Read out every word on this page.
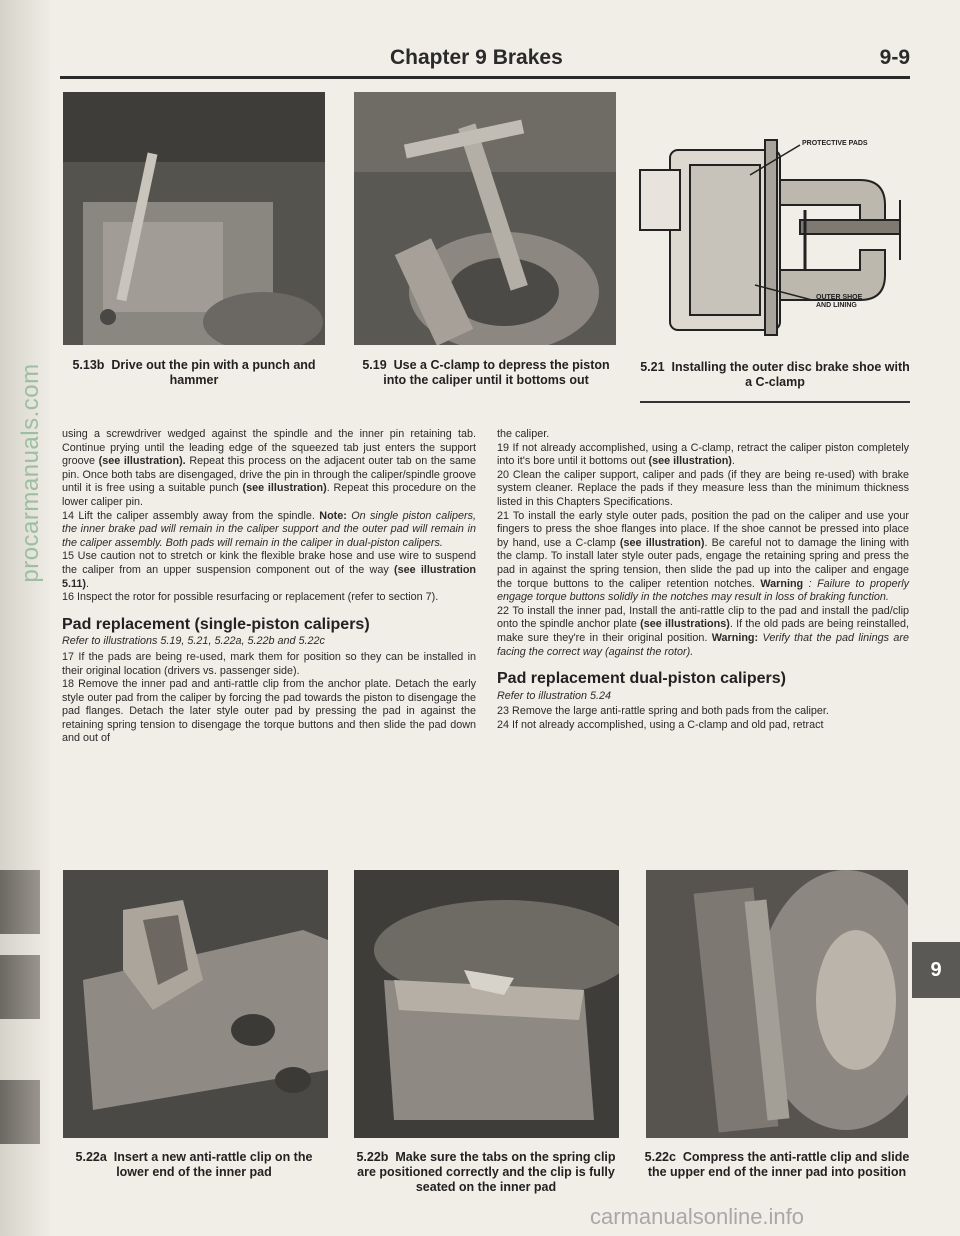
procarmanuals.com
Chapter 9 Brakes	9-9
PROTECTIVE PADS
OUTER SHOE
AND LINING
5.13b Drive out the pin with a punch and hammer
5.19 Use a C-clamp to depress the piston into the caliper until it bottoms out
5.21 Installing the outer disc brake shoe with a C-clamp

using a screwdriver wedged against the spindle and the inner pin retaining tab. Continue prying until the leading edge of the squeezed tab just enters the support groove (see illustration). Repeat this process on the adjacent outer tab on the same pin. Once both tabs are disengaged, drive the pin in through the caliper/spindle groove until it is free using a suitable punch (see illustration). Repeat this procedure on the lower caliper pin.

14 Lift the caliper assembly away from the spindle. Note: On single piston calipers, the inner brake pad will remain in the caliper support and the outer pad will remain in the caliper assembly. Both pads will remain in the caliper in dual-piston calipers.

15 Use caution not to stretch or kink the flexible brake hose and use wire to suspend the caliper from an upper suspension component out of the way (see illustration 5.11).

16 Inspect the rotor for possible resurfacing or replacement (refer to section 7).

Pad replacement (single-piston calipers)

Refer to illustrations 5.19, 5.21, 5.22a, 5.22b and 5.22c

17 If the pads are being re-used, mark them for position so they can be installed in their original location (drivers vs. passenger side).

18 Remove the inner pad and anti-rattle clip from the anchor plate. Detach the early style outer pad from the caliper by forcing the pad towards the piston to disengage the pad flanges. Detach the later style outer pad by pressing the pad in against the retaining spring tension to disengage the torque buttons and then slide the pad down and out of

the caliper.

19 If not already accomplished, using a C-clamp, retract the caliper piston completely into it's bore until it bottoms out (see illustration).

20 Clean the caliper support, caliper and pads (if they are being re-used) with brake system cleaner. Replace the pads if they measure less than the minimum thickness listed in this Chapters Specifications.

21 To install the early style outer pads, position the pad on the caliper and use your fingers to press the shoe flanges into place. If the shoe cannot be pressed into place by hand, use a C-clamp (see illustration). Be careful not to damage the lining with the clamp. To install later style outer pads, engage the retaining spring and press the pad in against the spring tension, then slide the pad up into the caliper and engage the torque buttons to the caliper retention notches. Warning : Failure to properly engage torque buttons solidly in the notches may result in loss of braking function.

22 To install the inner pad, Install the anti-rattle clip to the pad and install the pad/clip onto the spindle anchor plate (see illustrations). If the old pads are being reinstalled, make sure they're in their original position. Warning: Verify that the pad linings are facing the correct way (against the rotor).

Pad replacement dual-piston calipers)

Refer to illustration 5.24

23 Remove the large anti-rattle spring and both pads from the caliper.

24 If not already accomplished, using a C-clamp and old pad, retract

5.22a Insert a new anti-rattle clip on the lower end of the inner pad
5.22b Make sure the tabs on the spring clip are positioned correctly and the clip is fully seated on the inner pad
5.22c Compress the anti-rattle clip and slide the upper end of the inner pad into position
9
carmanualsonline.info
